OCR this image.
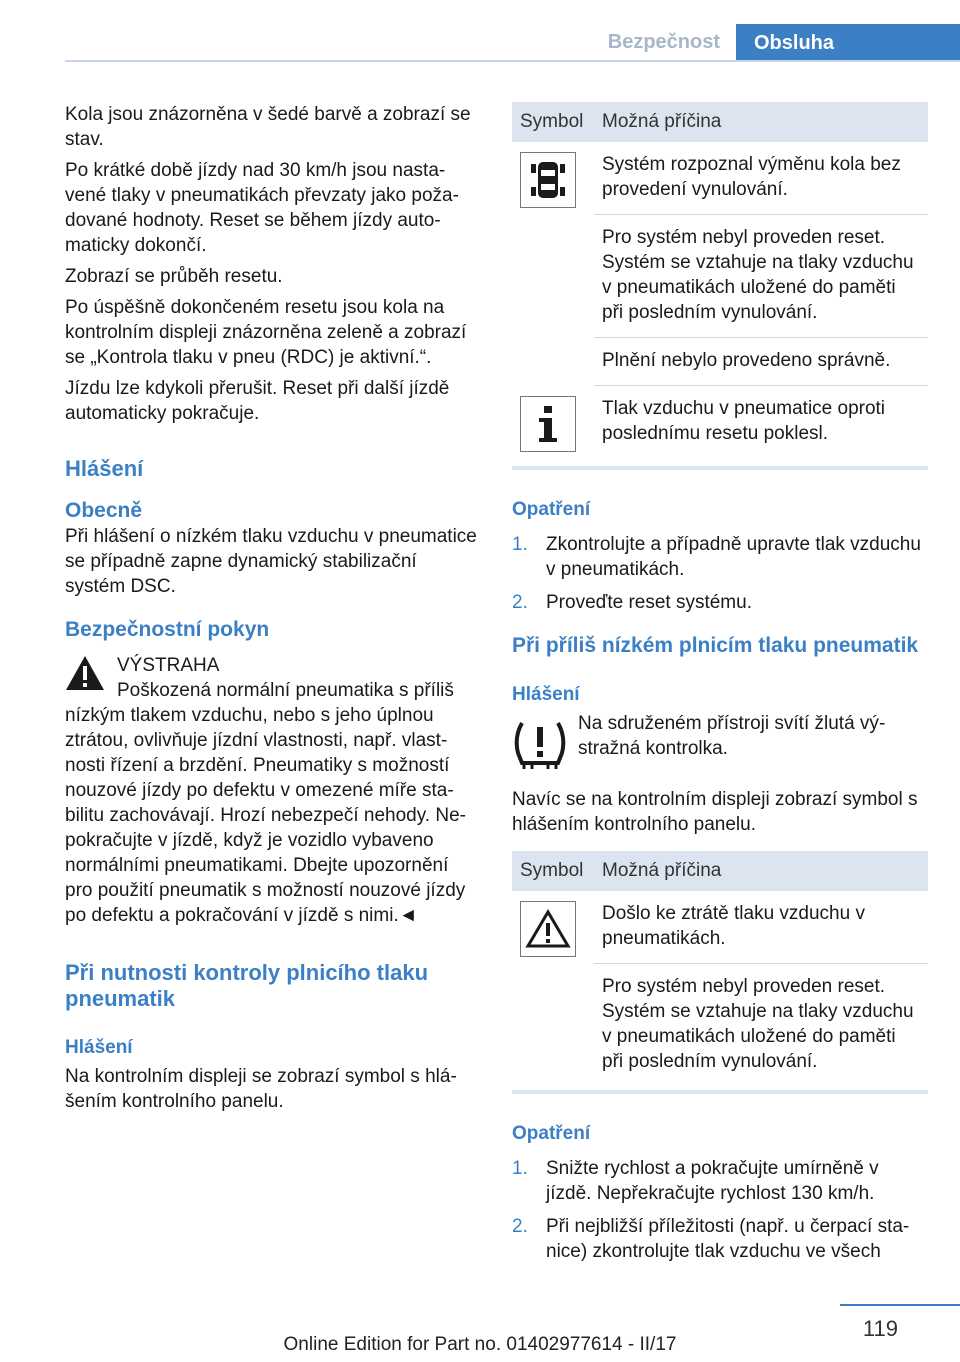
Bezpečnost	Obsluha

Kola jsou znázorněna v šedé barvě a zobrazí se stav.

Po krátké době jízdy nad 30 km/h jsou nastavené tlaky v pneumatikách převzaty jako požadované hodnoty. Reset se během jízdy automaticky dokončí.

Zobrazí se průběh resetu.

Po úspěšně dokončeném resetu jsou kola na kontrolním displeji znázorněna zeleně a zobrazí se „Kontrola tlaku v pneu (RDC) je aktivní.“.

Jízdu lze kdykoli přerušit. Reset při další jízdě automaticky pokračuje.

Hlášení
Obecně

Při hlášení o nízkém tlaku vzduchu v pneumatice se případně zapne dynamický stabilizační systém DSC.

Bezpečnostní pokyn
VÝSTRAHA
Poškozená normální pneumatika s příliš nízkým tlakem vzduchu, nebo s jeho úplnou ztrátou, ovlivňuje jízdní vlastnosti, např. vlastnosti řízení a brzdění. Pneumatiky s možností nouzové jízdy po defektu v omezené míře stabilitu zachovávají. Hrozí nebezpečí nehody. Nepokračujte v jízdě, když je vozidlo vybaveno normálními pneumatikami. Dbejte upozornění pro použití pneumatik s možností nouzové jízdy po defektu a pokračování v jízdě s nimi.◄
Při nutnosti kontroly plnicího tlaku pneumatik
Hlášení

Na kontrolním displeji se zobrazí symbol s hlášením kontrolního panelu.

Symbol	Možná příčina

	Systém rozpoznal výměnu kola bez provedení vynulování.
	Pro systém nebyl proveden reset. Systém se vztahuje na tlaky vzduchu v pneumatikách uložené do paměti při posledním vynulování.
	Plnění nebylo provedeno správně.

	Tlak vzduchu v pneumatice oproti poslednímu resetu poklesl.
Opatření
1. Zkontrolujte a případně upravte tlak vzduchu v pneumatikách.
2. Proveďte reset systému.
Při příliš nízkém plnicím tlaku pneumatik
Hlášení
Na sdruženém přístroji svítí žlutá výstražná kontrolka.

Navíc se na kontrolním displeji zobrazí symbol s hlášením kontrolního panelu.

Symbol	Možná příčina

	Došlo ke ztrátě tlaku vzduchu v pneumatikách.
	Pro systém nebyl proveden reset. Systém se vztahuje na tlaky vzduchu v pneumatikách uložené do paměti při posledním vynulování.
Opatření
1. Snižte rychlost a pokračujte umírněně v jízdě. Nepřekračujte rychlost 130 km/h.
2. Při nejbližší příležitosti (např. u čerpací stanice) zkontrolujte tlak vzduchu ve všech
119
Online Edition for Part no. 01402977614 - II/17
